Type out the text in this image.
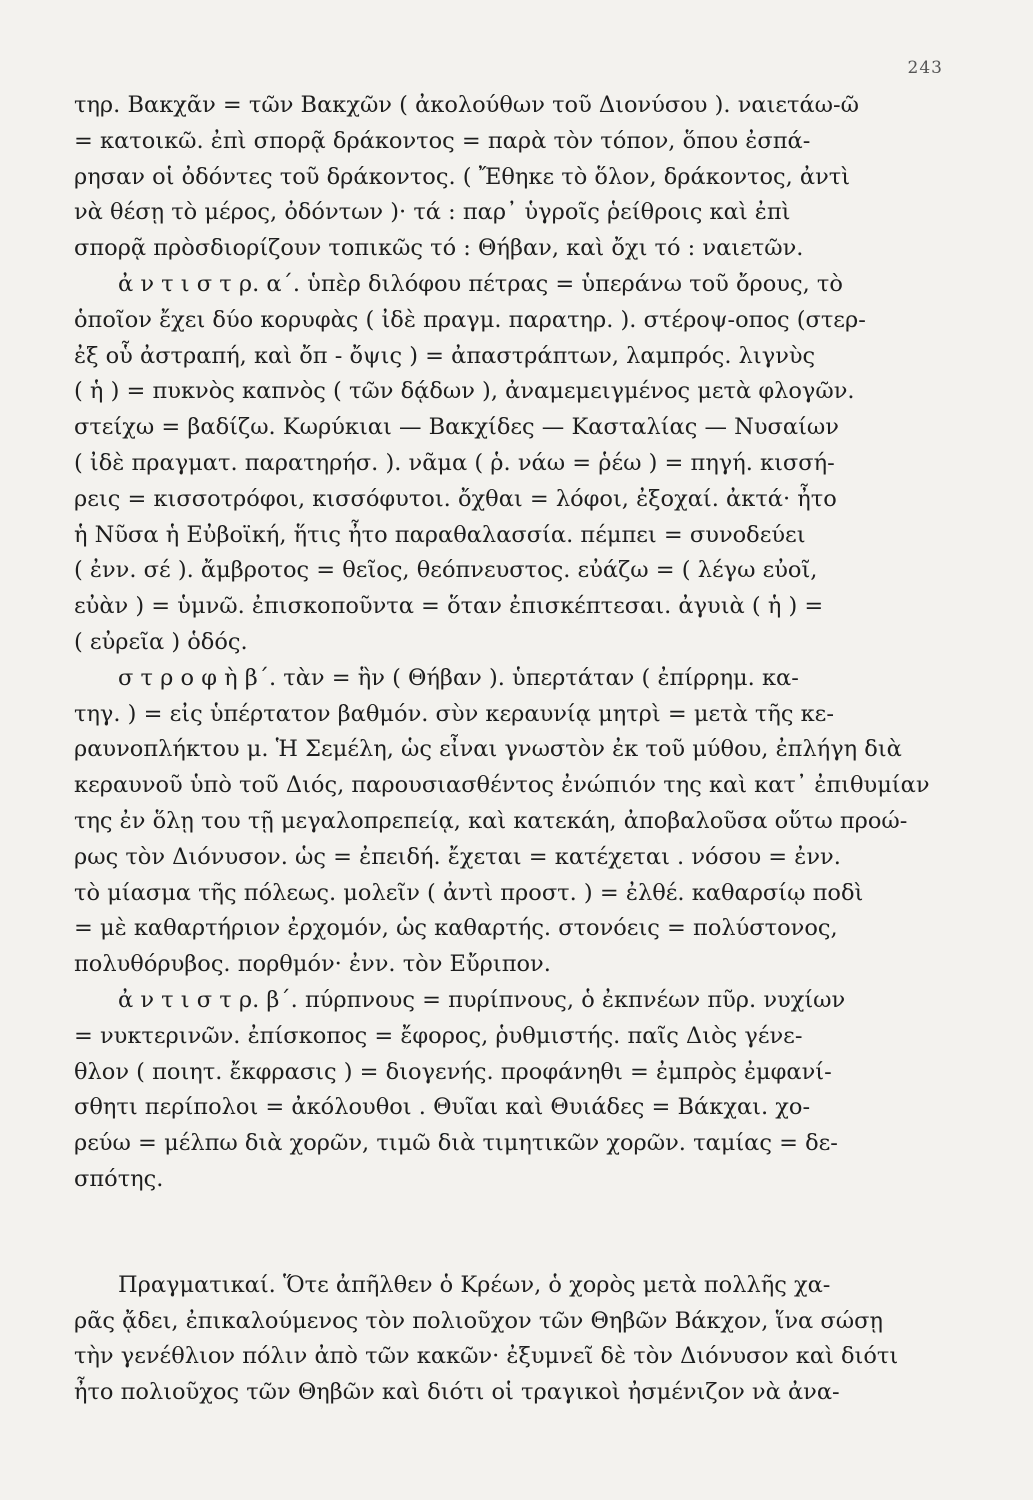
243
τηρ. Βακχᾶν = τῶν Βακχῶν ( ἀκολούθων τοῦ Διονύσου ). ναιετάω-ῶ
= κατοικῶ. ἐπὶ σπορᾷ δράκοντος = παρὰ τὸν τόπον, ὅπου ἐσπά-
ρησαν οἱ ὀδόντες τοῦ δράκοντος. ( Ἔθηκε τὸ ὅλον, δράκοντος, ἀντὶ
νὰ θέσῃ τὸ μέρος, ὀδόντων )· τά : παρ᾽ ὑγροῖς ῥείθροις καὶ ἐπὶ
σπορᾷ πρὸσδιορίζουν τοπικῶς τό : Θήβαν, καὶ ὄχι τό : ναιετῶν.
ἀ ν τ ι σ τ ρ. α΄. ὑπὲρ διλόφου πέτρας = ὑπεράνω τοῦ ὄρους, τὸ
ὁποῖον ἔχει δύο κορυφὰς ( ἰδὲ πραγμ. παρατηρ. ). στέροψ-οπος (στερ-
ἐξ οὗ ἀστραπή, καὶ ὄπ - ὄψις ) = ἀπαστράπτων, λαμπρός. λιγνὺς
( ἡ ) = πυκνὸς καπνὸς ( τῶν δᾴδων ), ἀναμεμειγμένος μετὰ φλογῶν.
στείχω = βαδίζω. Κωρύκιαι — Βακχίδες — Κασταλίας — Νυσαίων
( ἰδὲ πραγματ. παρατηρήσ. ). νᾶμα ( ῥ. νάω = ῥέω ) = πηγή. κισσή-
ρεις = κισσοτρόφοι, κισσόφυτοι. ὄχθαι = λόφοι, ἐξοχαί. ἀκτά· ἦτο
ἡ Νῦσα ἡ Εὐβοϊκή, ἥτις ἦτο παραθαλασσία. πέμπει = συνοδεύει
( ἐνν. σέ ). ἄμβροτος = θεῖος, θεόπνευστος. εὐάζω = ( λέγω εὐοῖ,
εὐὰν ) = ὑμνῶ. ἐπισκοποῦντα = ὅταν ἐπισκέπτεσαι. ἀγυιὰ ( ἡ ) =
( εὐρεῖα ) ὁδός.
σ τ ρ ο φ ὴ β΄. τὰν = ἣν ( Θήβαν ). ὑπερτάταν ( ἐπίρρημ. κα-
τηγ. ) = εἰς ὑπέρτατον βαθμόν. σὺν κεραυνίᾳ μητρὶ = μετὰ τῆς κε-
ραυνοπλήκτου μ. Ἡ Σεμέλη, ὡς εἶναι γνωστὸν ἐκ τοῦ μύθου, ἐπλήγη διὰ
κεραυνοῦ ὑπὸ τοῦ Διός, παρουσιασθέντος ἐνώπιόν της καὶ κατ᾽ ἐπιθυμίαν
της ἐν ὅλῃ του τῇ μεγαλοπρεπείᾳ, καὶ κατεκάη, ἀποβαλοῦσα οὕτω προώ-
ρως τὸν Διόνυσον. ὡς = ἐπειδή. ἔχεται = κατέχεται . νόσου = ἐνν.
τὸ μίασμα τῆς πόλεως. μολεῖν ( ἀντὶ προστ. ) = ἐλθέ. καθαρσίῳ ποδὶ
= μὲ καθαρτήριον ἐρχομόν, ὡς καθαρτής. στονόεις = πολύστονος,
πολυθόρυβος. πορθμόν· ἐνν. τὸν Εὔριπον.
ἀ ν τ ι σ τ ρ. β΄. πύρπνους = πυρίπνους, ὁ ἐκπνέων πῦρ. νυχίων
= νυκτερινῶν. ἐπίσκοπος = ἔφορος, ῥυθμιστής. παῖς Διὸς γένε-
θλον ( ποιητ. ἔκφρασις ) = διογενής. προφάνηθι = ἐμπρὸς ἐμφανί-
σθητι περίπολοι = ἀκόλουθοι . Θυῖαι καὶ Θυιάδες = Βάκχαι. χο-
ρεύω = μέλπω διὰ χορῶν, τιμῶ διὰ τιμητικῶν χορῶν. ταμίας = δε-
σπότης.
Πραγματικαί. Ὅτε ἀπῆλθεν ὁ Κρέων, ὁ χορὸς μετὰ πολλῆς χα-
ρᾶς ᾄδει, ἐπικαλούμενος τὸν πολιοῦχον τῶν Θηβῶν Βάκχον, ἵνα σώσῃ
τὴν γενέθλιον πόλιν ἀπὸ τῶν κακῶν· ἐξυμνεῖ δὲ τὸν Διόνυσον καὶ διότι
ἦτο πολιοῦχος τῶν Θηβῶν καὶ διότι οἱ τραγικοὶ ἠσμένιζον νὰ ἀνα-
